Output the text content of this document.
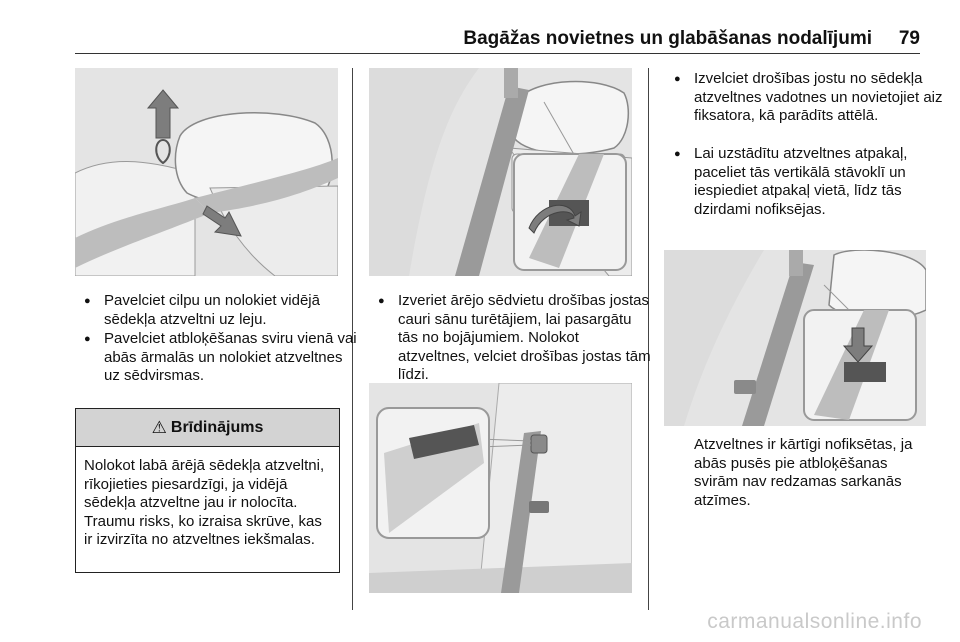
Bagāžas novietnes un glabāšanas nodalījumi 79
● Pavelciet cilpu un nolokiet vidējā sēdekļa atzveltni uz leju.
● Pavelciet atbloķēšanas sviru vienā vai abās ārmalās un nolokiet atzveltnes uz sēdvirsmas.
⚠ Brīdinājums
Nolokot labā ārējā sēdekļa atzveltni, rīkojieties piesardzīgi, ja vidējā sēdekļa atzveltne jau ir nolocīta. Traumu risks, ko izraisa skrūve, kas ir izvirzīta no atzveltnes iekšmalas.
● Izveriet ārējo sēdvietu drošības jostas cauri sānu turētājiem, lai pasargātu tās no bojājumiem. Nolokot atzveltnes, velciet drošības jostas tām līdzi.
● Izvelciet drošības jostu no sēdekļa atzveltnes vadotnes un novietojiet aiz fiksatora, kā parādīts attēlā.
● Lai uzstādītu atzveltnes atpakaļ, paceliet tās vertikālā stāvoklī un iespiediet atpakaļ vietā, līdz tās dzirdami nofiksējas.
Atzveltnes ir kārtīgi nofiksētas, ja abās pusēs pie atbloķēšanas svirām nav redzamas sarkanās atzīmes.
carmanualsonline.info
